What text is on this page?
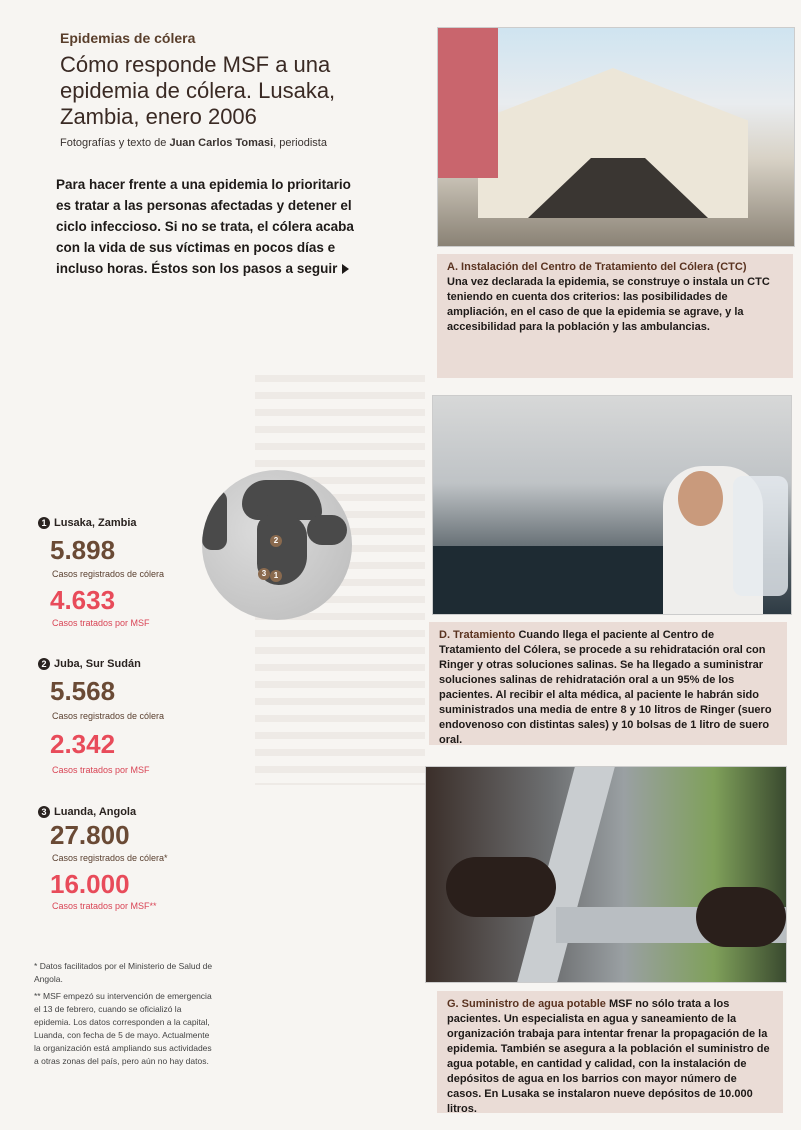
Epidemias de cólera
Cómo responde MSF a una epidemia de cólera. Lusaka, Zambia, enero 2006
Fotografías y texto de Juan Carlos Tomasi, periodista
Para hacer frente a una epidemia lo prioritario es tratar a las personas afectadas y detener el ciclo infeccioso. Si no se trata, el cólera acaba con la vida de sus víctimas en pocos días e incluso horas. Éstos son los pasos a seguir
2
3 1
1 Lusaka, Zambia
5.898
Casos registrados de cólera
4.633
Casos tratados por MSF
2 Juba, Sur Sudán
5.568
Casos registrados de cólera
2.342
Casos tratados por MSF
3 Luanda, Angola
27.800
Casos registrados de cólera*
16.000
Casos tratados por MSF**
* Datos facilitados por el Ministerio de Salud de Angola.
** MSF empezó su intervención de emergencia el 13 de febrero, cuando se oficializó la epidemia. Los datos corresponden a la capital, Luanda, con fecha de 5 de mayo. Actualmente la organización está ampliando sus actividades a otras zonas del país, pero aún no hay datos.
A. Instalación del Centro de Tratamiento del Cólera (CTC)
Una vez declarada la epidemia, se construye o instala un CTC teniendo en cuenta dos criterios: las posibilidades de ampliación, en el caso de que la epidemia se agrave, y la accesibilidad para la población y las ambulancias.
D. Tratamiento Cuando llega el paciente al Centro de Tratamiento del Cólera, se procede a su rehidratación oral con Ringer y otras soluciones salinas. Se ha llegado a suministrar soluciones salinas de rehidratación oral a un 95% de los pacientes. Al recibir el alta médica, al paciente le habrán sido suministrados una media de entre 8 y 10 litros de Ringer (suero endovenoso con distintas sales) y 10 bolsas de 1 litro de suero oral.
G. Suministro de agua potable MSF no sólo trata a los pacientes. Un especialista en agua y saneamiento de la organización trabaja para intentar frenar la propagación de la epidemia. También se asegura a la población el suministro de agua potable, en cantidad y calidad, con la instalación de depósitos de agua en los barrios con mayor número de casos. En Lusaka se instalaron nueve depósitos de 10.000 litros.
